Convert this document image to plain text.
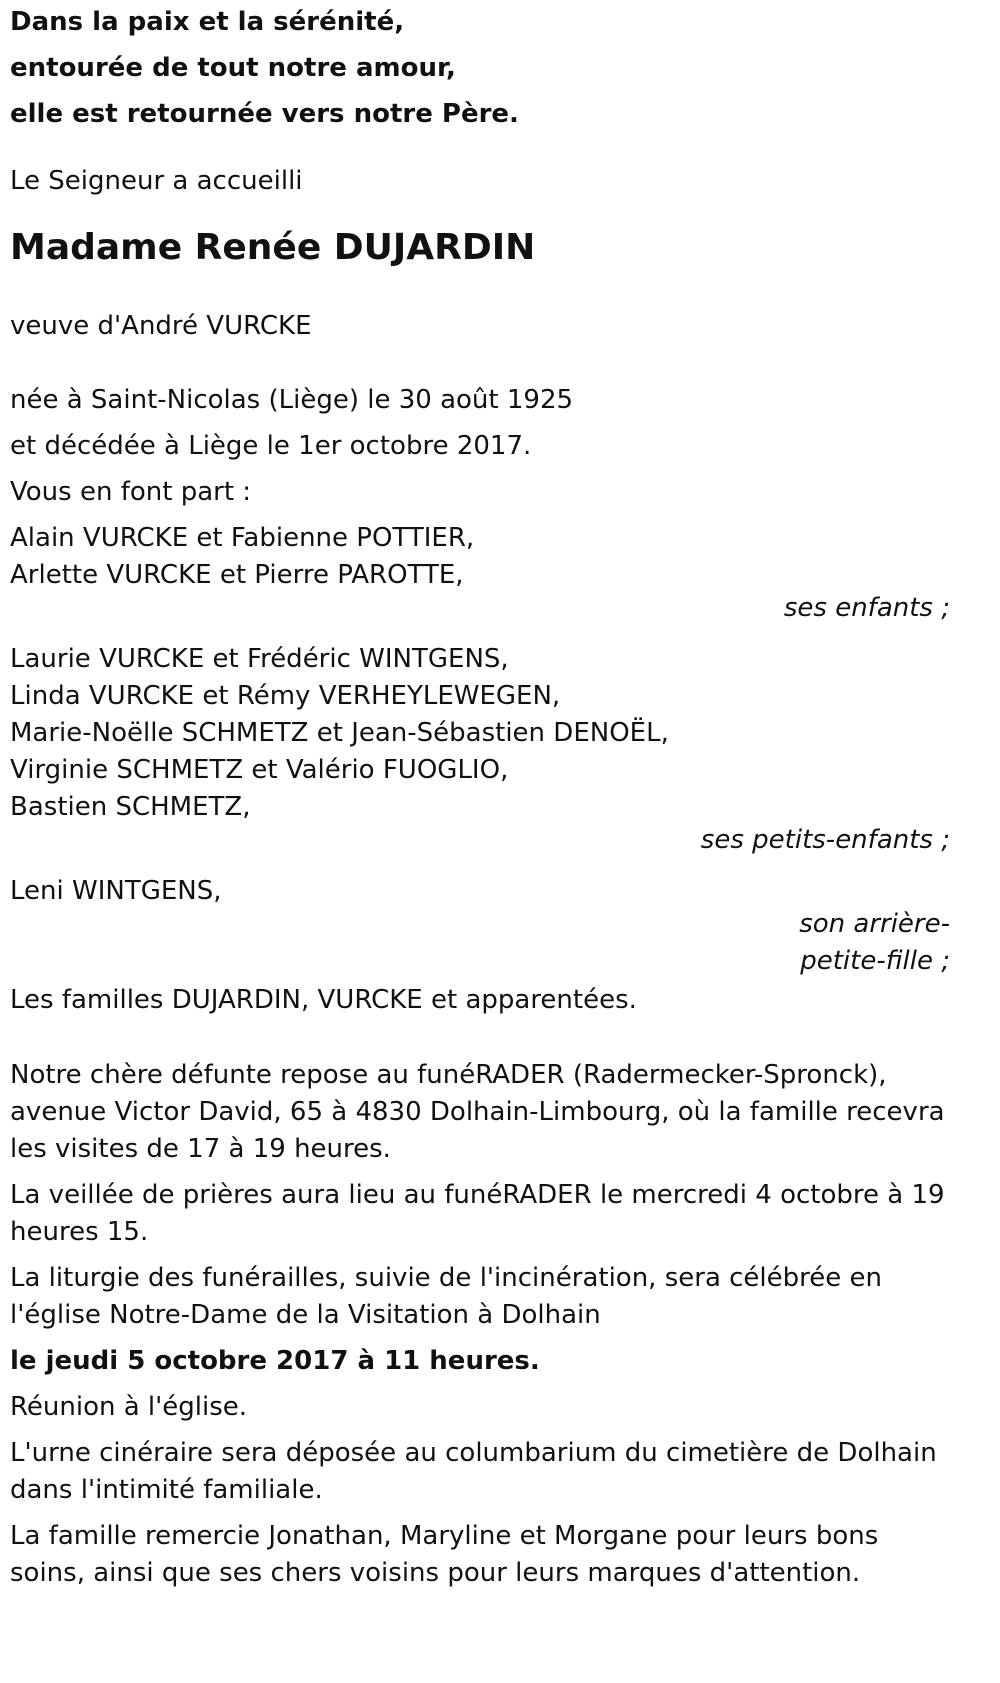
Dans la paix et la sérénité,

entourée de tout notre amour,

elle est retournée vers notre Père.

Le Seigneur a accueilli

Madame Renée DUJARDIN

veuve d'André VURCKE

née à Saint-Nicolas (Liège) le 30 août 1925

et décédée à Liège le 1er octobre 2017.

Vous en font part :

Alain VURCKE et Fabienne POTTIER,

Arlette VURCKE et Pierre PAROTTE,

ses enfants ;

Laurie VURCKE et Frédéric WINTGENS,

Linda VURCKE et Rémy VERHEYLEWEGEN,

Marie-Noëlle SCHMETZ et Jean-Sébastien DENOËL,

Virginie SCHMETZ et Valério FUOGLIO,

Bastien SCHMETZ,

ses petits-enfants ;

Leni WINTGENS,

son arrière-
petite-fille ;

Les familles DUJARDIN, VURCKE et apparentées.

Notre chère défunte repose au funéRADER (Radermecker-Spronck), avenue Victor David, 65 à 4830 Dolhain-Limbourg, où la famille recevra les visites de 17 à 19 heures.

La veillée de prières aura lieu au funéRADER le mercredi 4 octobre à 19 heures 15.

La liturgie des funérailles, suivie de l'incinération, sera célébrée en l'église Notre-Dame de la Visitation à Dolhain

le jeudi 5 octobre 2017 à 11 heures.

Réunion à l'église.

L'urne cinéraire sera déposée au columbarium du cimetière de Dolhain dans l'intimité familiale.

La famille remercie Jonathan, Maryline et Morgane pour leurs bons soins, ainsi que ses chers voisins pour leurs marques d'attention.
